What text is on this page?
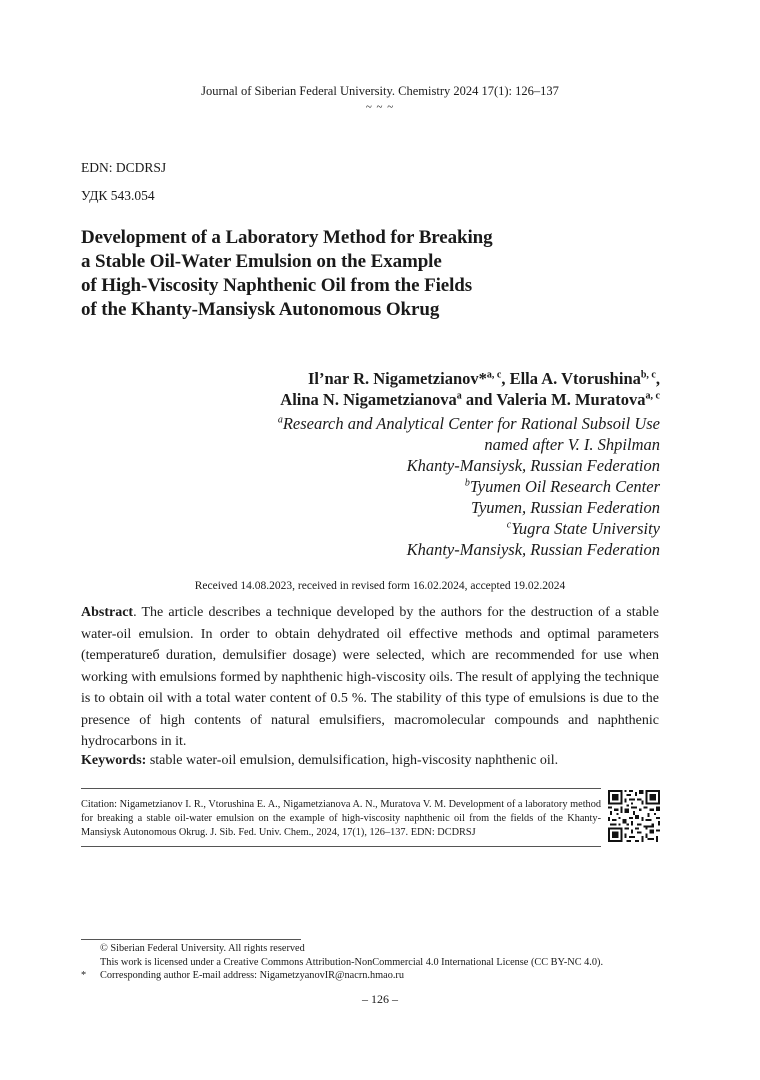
Journal of Siberian Federal University. Chemistry 2024 17(1): 126–137
~ ~ ~
EDN: DCDRSJ
УДК 543.054
Development of a Laboratory Method for Breaking
a Stable Oil-Water Emulsion on the Example
of High-Viscosity Naphthenic Oil from the Fields
of the Khanty-Mansiysk Autonomous Okrug
Il’nar R. Nigametzianov*$^{a, c}$, Ella A. Vtorushina$^{b, c}$,
Alina N. Nigametzianova$^a$ and Valeria M. Muratova$^{a, c}$
$^a$Research and Analytical Center for Rational Subsoil Use
named after V. I. Shpilman
Khanty-Mansiysk, Russian Federation
$^b$Tyumen Oil Research Center
Tyumen, Russian Federation
$^c$Yugra State University
Khanty-Mansiysk, Russian Federation
Received 14.08.2023, received in revised form 16.02.2024, accepted 19.02.2024
Abstract. The article describes a technique developed by the authors for the destruction of a stable water-oil emulsion. In order to obtain dehydrated oil effective methods and optimal parameters (temperatureб duration, demulsifier dosage) were selected, which are recommended for use when working with emulsions formed by naphthenic high-viscosity oils. The result of applying the technique is to obtain oil with a total water content of 0.5 %. The stability of this type of emulsions is due to the presence of high contents of natural emulsifiers, macromolecular compounds and naphthenic hydrocarbons in it.
Keywords: stable water-oil emulsion, demulsification, high-viscosity naphthenic oil.
Citation: Nigametzianov I. R., Vtorushina E. A., Nigametzianova A. N., Muratova V. M. Development of a laboratory method for breaking a stable oil-water emulsion on the example of high-viscosity naphthenic oil from the fields of the Khanty-Mansiysk Autonomous Okrug. J. Sib. Fed. Univ. Chem., 2024, 17(1), 126–137. EDN: DCDRSJ
© Siberian Federal University. All rights reserved
This work is licensed under a Creative Commons Attribution-NonCommercial 4.0 International License (CC BY-NC 4.0).
* Corresponding author E-mail address: NigametzyanovIR@nacrn.hmao.ru
– 126 –
